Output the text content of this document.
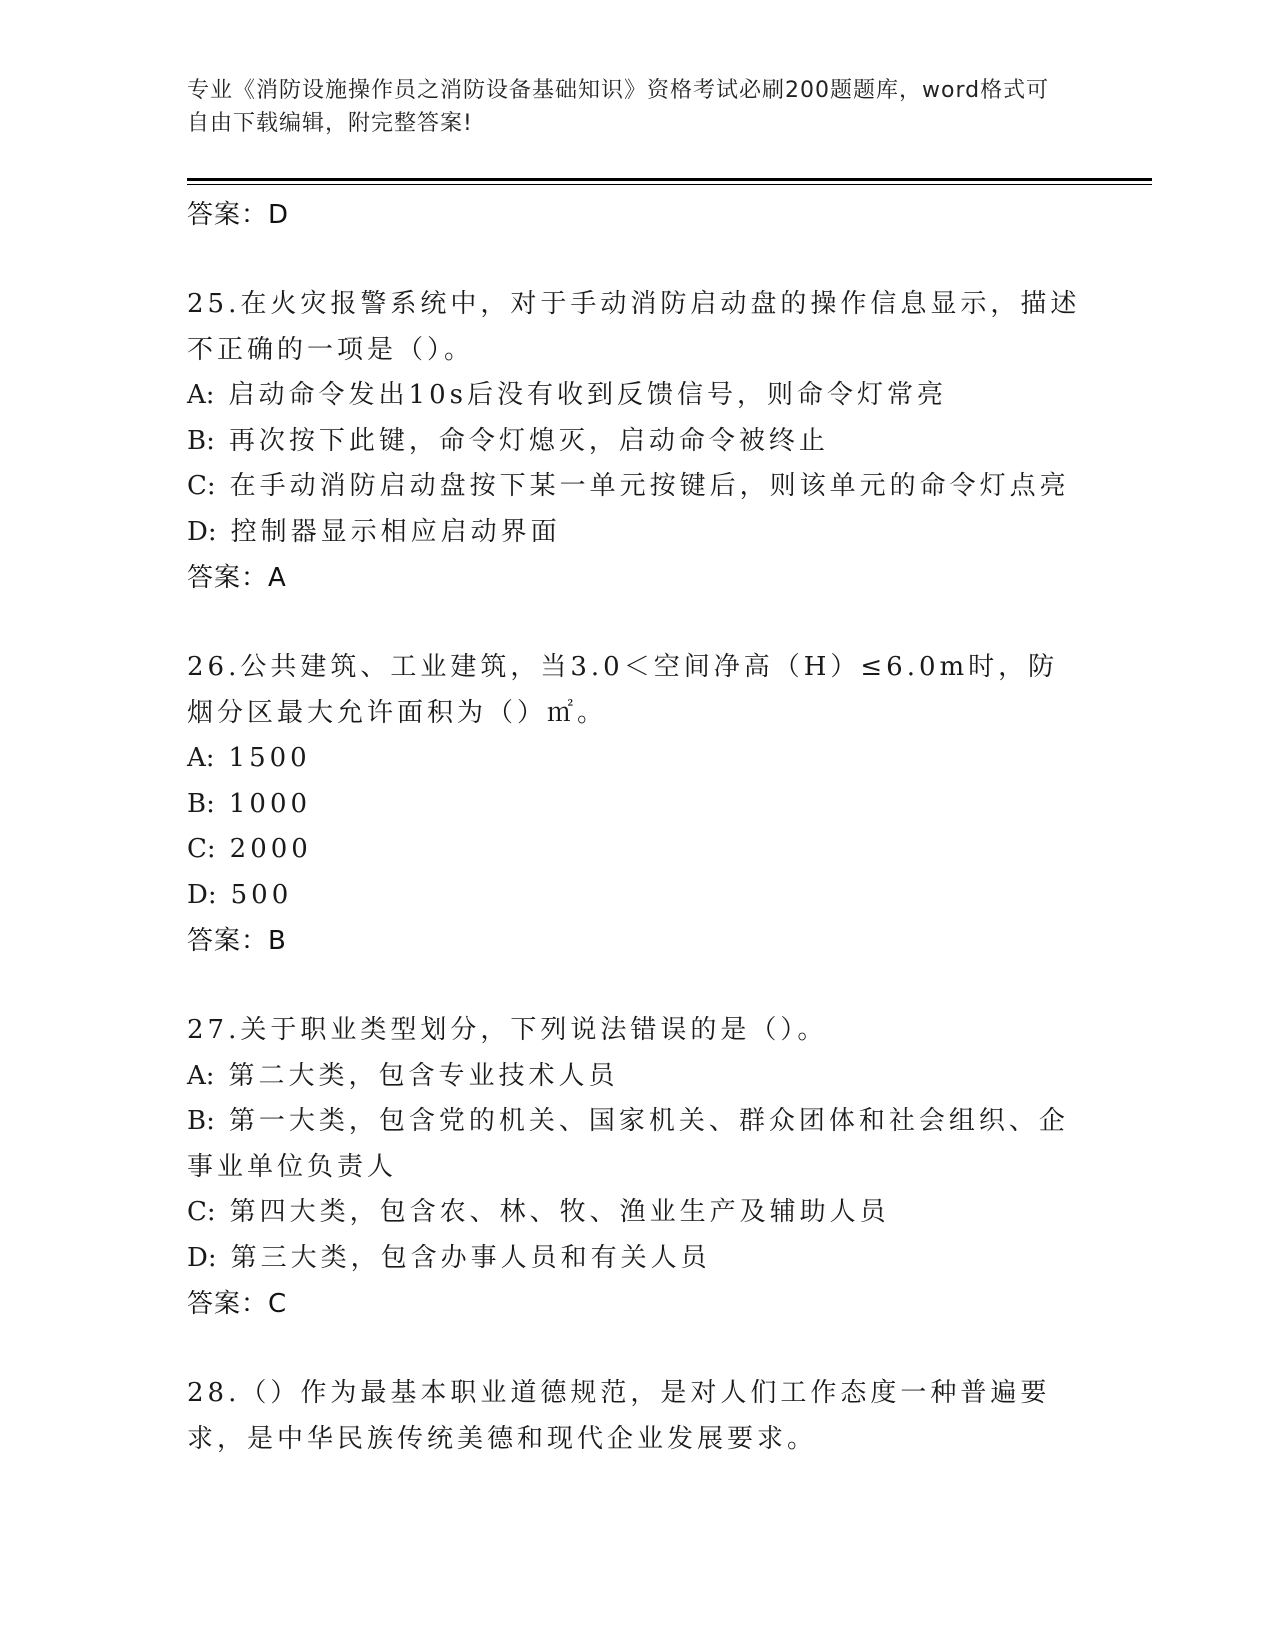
专业《消防设施操作员之消防设备基础知识》资格考试必刷200题题库，word格式可自由下载编辑，附完整答案!
答案：D
25.在火灾报警系统中，对于手动消防启动盘的操作信息显示，描述不正确的一项是（）。
A: 启动命令发出10s后没有收到反馈信号，则命令灯常亮
B: 再次按下此键，命令灯熄灭，启动命令被终止
C: 在手动消防启动盘按下某一单元按键后，则该单元的命令灯点亮
D: 控制器显示相应启动界面
答案：A
26.公共建筑、工业建筑，当3.0＜空间净高（H）≤6.0m时，防烟分区最大允许面积为（）㎡。
A: 1500
B: 1000
C: 2000
D: 500
答案：B
27.关于职业类型划分，下列说法错误的是（）。
A: 第二大类，包含专业技术人员
B: 第一大类，包含党的机关、国家机关、群众团体和社会组织、企事业单位负责人
C: 第四大类，包含农、林、牧、渔业生产及辅助人员
D: 第三大类，包含办事人员和有关人员
答案：C
28.（）作为最基本职业道德规范，是对人们工作态度一种普遍要求，是中华民族传统美德和现代企业发展要求。
